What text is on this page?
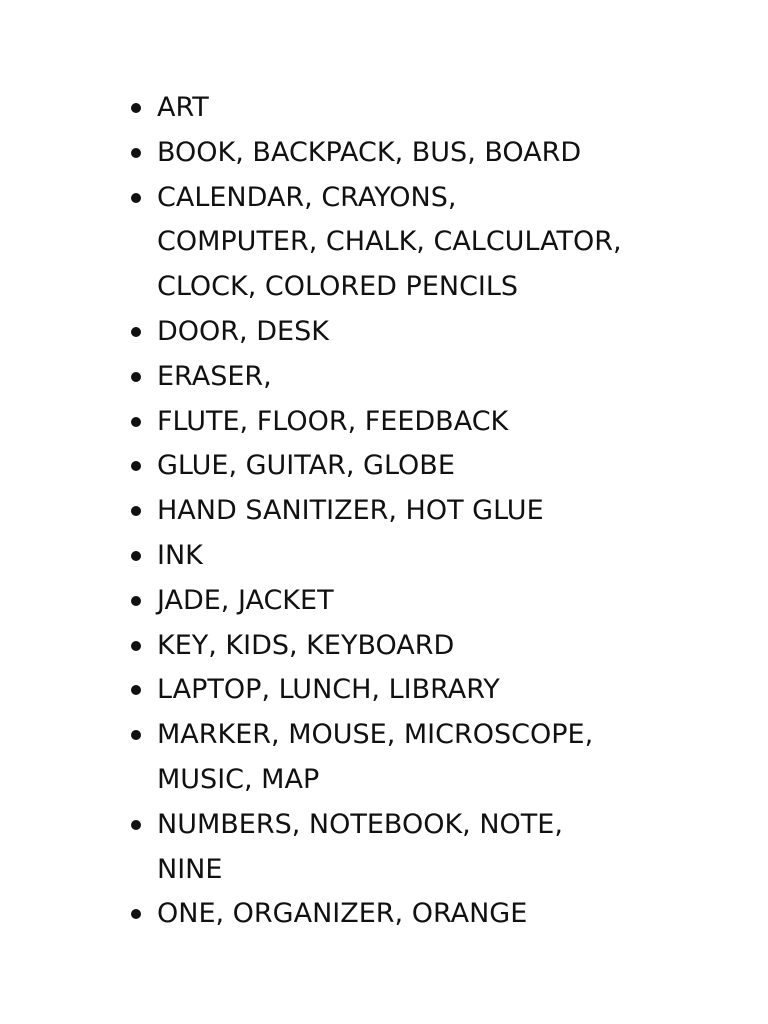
ART
BOOK, BACKPACK, BUS, BOARD
CALENDAR, CRAYONS,
COMPUTER, CHALK, CALCULATOR,
CLOCK, COLORED PENCILS
DOOR, DESK
ERASER,
FLUTE, FLOOR, FEEDBACK
GLUE, GUITAR, GLOBE
HAND SANITIZER, HOT GLUE
INK
JADE, JACKET
KEY, KIDS, KEYBOARD
LAPTOP, LUNCH, LIBRARY
MARKER, MOUSE, MICROSCOPE,
MUSIC, MAP
NUMBERS, NOTEBOOK, NOTE,
NINE
ONE, ORGANIZER, ORANGE
